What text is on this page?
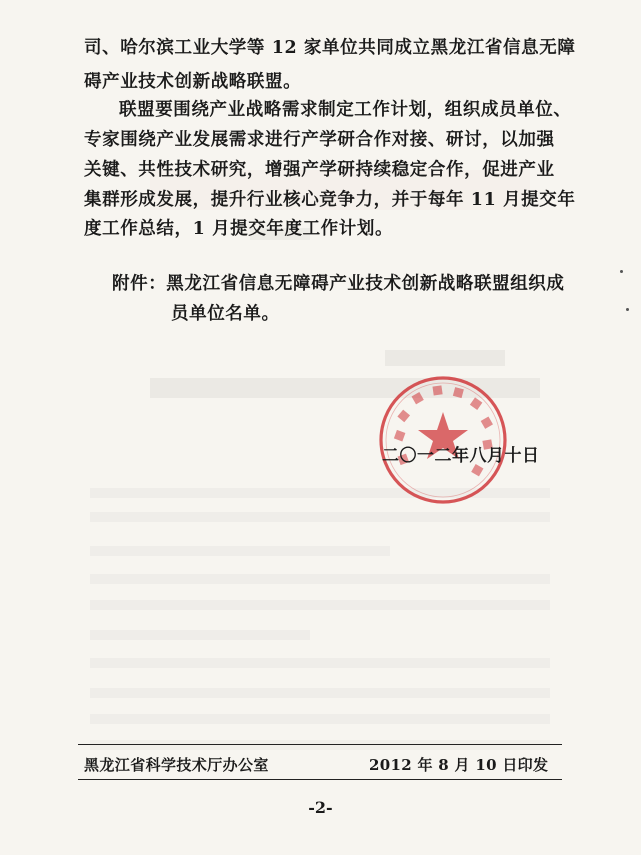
司、哈尔滨工业大学等 12 家单位共同成立黑龙江省信息无障
碍产业技术创新战略联盟。
联盟要围绕产业战略需求制定工作计划，组织成员单位、
专家围绕产业发展需求进行产学研合作对接、研讨，以加强
关键、共性技术研究，增强产学研持续稳定合作，促进产业
集群形成发展，提升行业核心竞争力，并于每年 11 月提交年
度工作总结，1 月提交年度工作计划。
附件：黑龙江省信息无障碍产业技术创新战略联盟组织成
员单位名单。
二〇一二年八月十日
黑龙江省科学技术厅办公室	2012 年 8 月 10 日印发
-2-
